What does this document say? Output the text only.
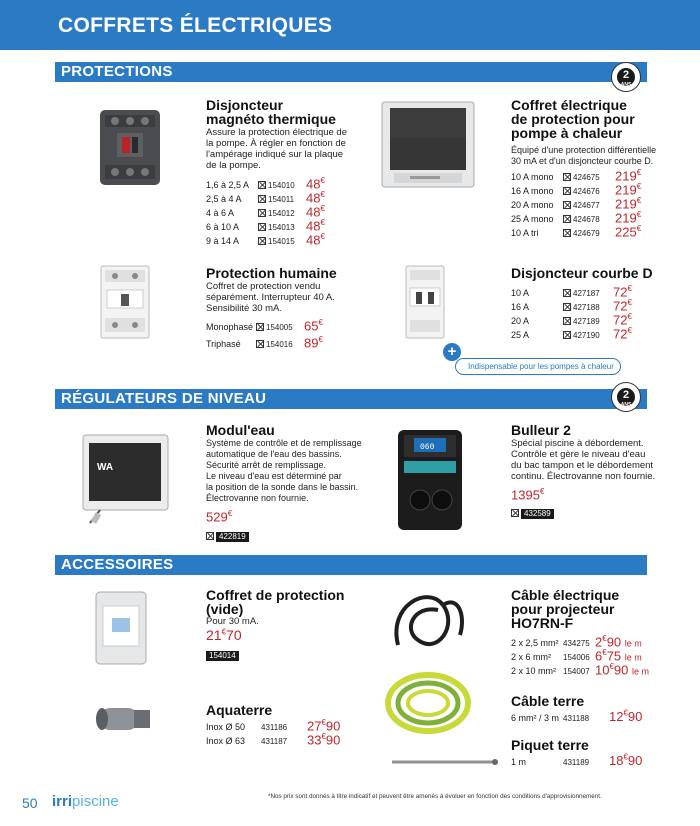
COFFRETS ÉLECTRIQUES
PROTECTIONS
RÉGULATEURS DE NIVEAU
ACCESSOIRES
2
ANS
2
ANS
WA
060
Disjoncteur
magnéto thermique
Assure la protection électrique de
la pompe. À régler en fonction de
l'ampérage indiqué sur la plaque
de la pompe.
1,6 à 2,5 A 154010 48€
2,5 à 4 A	154011 48€
4 à 6 A	154012 48€
6 à 10 A	154013 48€
9 à 14 A	154015 48€
Coffret électrique
de protection pour
pompe à chaleur
Équipé d'une protection différentielle
30 mA et d'un disjoncteur courbe D.
10 A mono 424675 219€
16 A mono 424676 219€
20 A mono 424677 219€
25 A mono 424678 219€
10 A tri	424679 225€
Protection humaine
Coffret de protection vendu
séparément. Interrupteur 40 A.
Sensibilité 30 mA.
Monophasé 154005 65€
Triphasé	154016 89€
Disjoncteur courbe D
10 A	427187 72€
16 A	427188 72€
20 A	427189 72€
25 A	427190 72€
+
Indispensable pour les pompes à chaleur
Modul'eau
Système de contrôle et de remplissage
automatique de l'eau des bassins.
Sécurité arrêt de remplissage.
Le niveau d'eau est déterminé par
la position de la sonde dans le bassin.
Électrovanne non fournie.
529€
422819
Bulleur 2
Spécial piscine à débordement.
Contrôle et gère le niveau d'eau
du bac tampon et le débordement
continu. Électrovanne non fournie.
1395€
432589
Coffret de protection
(vide)
Pour 30 mA.
21€70
154014
Aquaterre
Inox Ø 50 431186 27€90
Inox Ø 63 431187 33€90
Câble électrique
pour projecteur
HO7RN-F
2 x 2,5 mm² 434275 2€90 le m
2 x 6 mm² 154006 6€75 le m
2 x 10 mm² 154007 10€90 le m
Câble terre
6 mm² / 3 m 431188 12€90
Piquet terre
1 m	431189 18€90
50 irripiscine	*Nos prix sont donnés à titre indicatif et peuvent être amenés à évoluer en fonction des conditions d'approvisionnement.
